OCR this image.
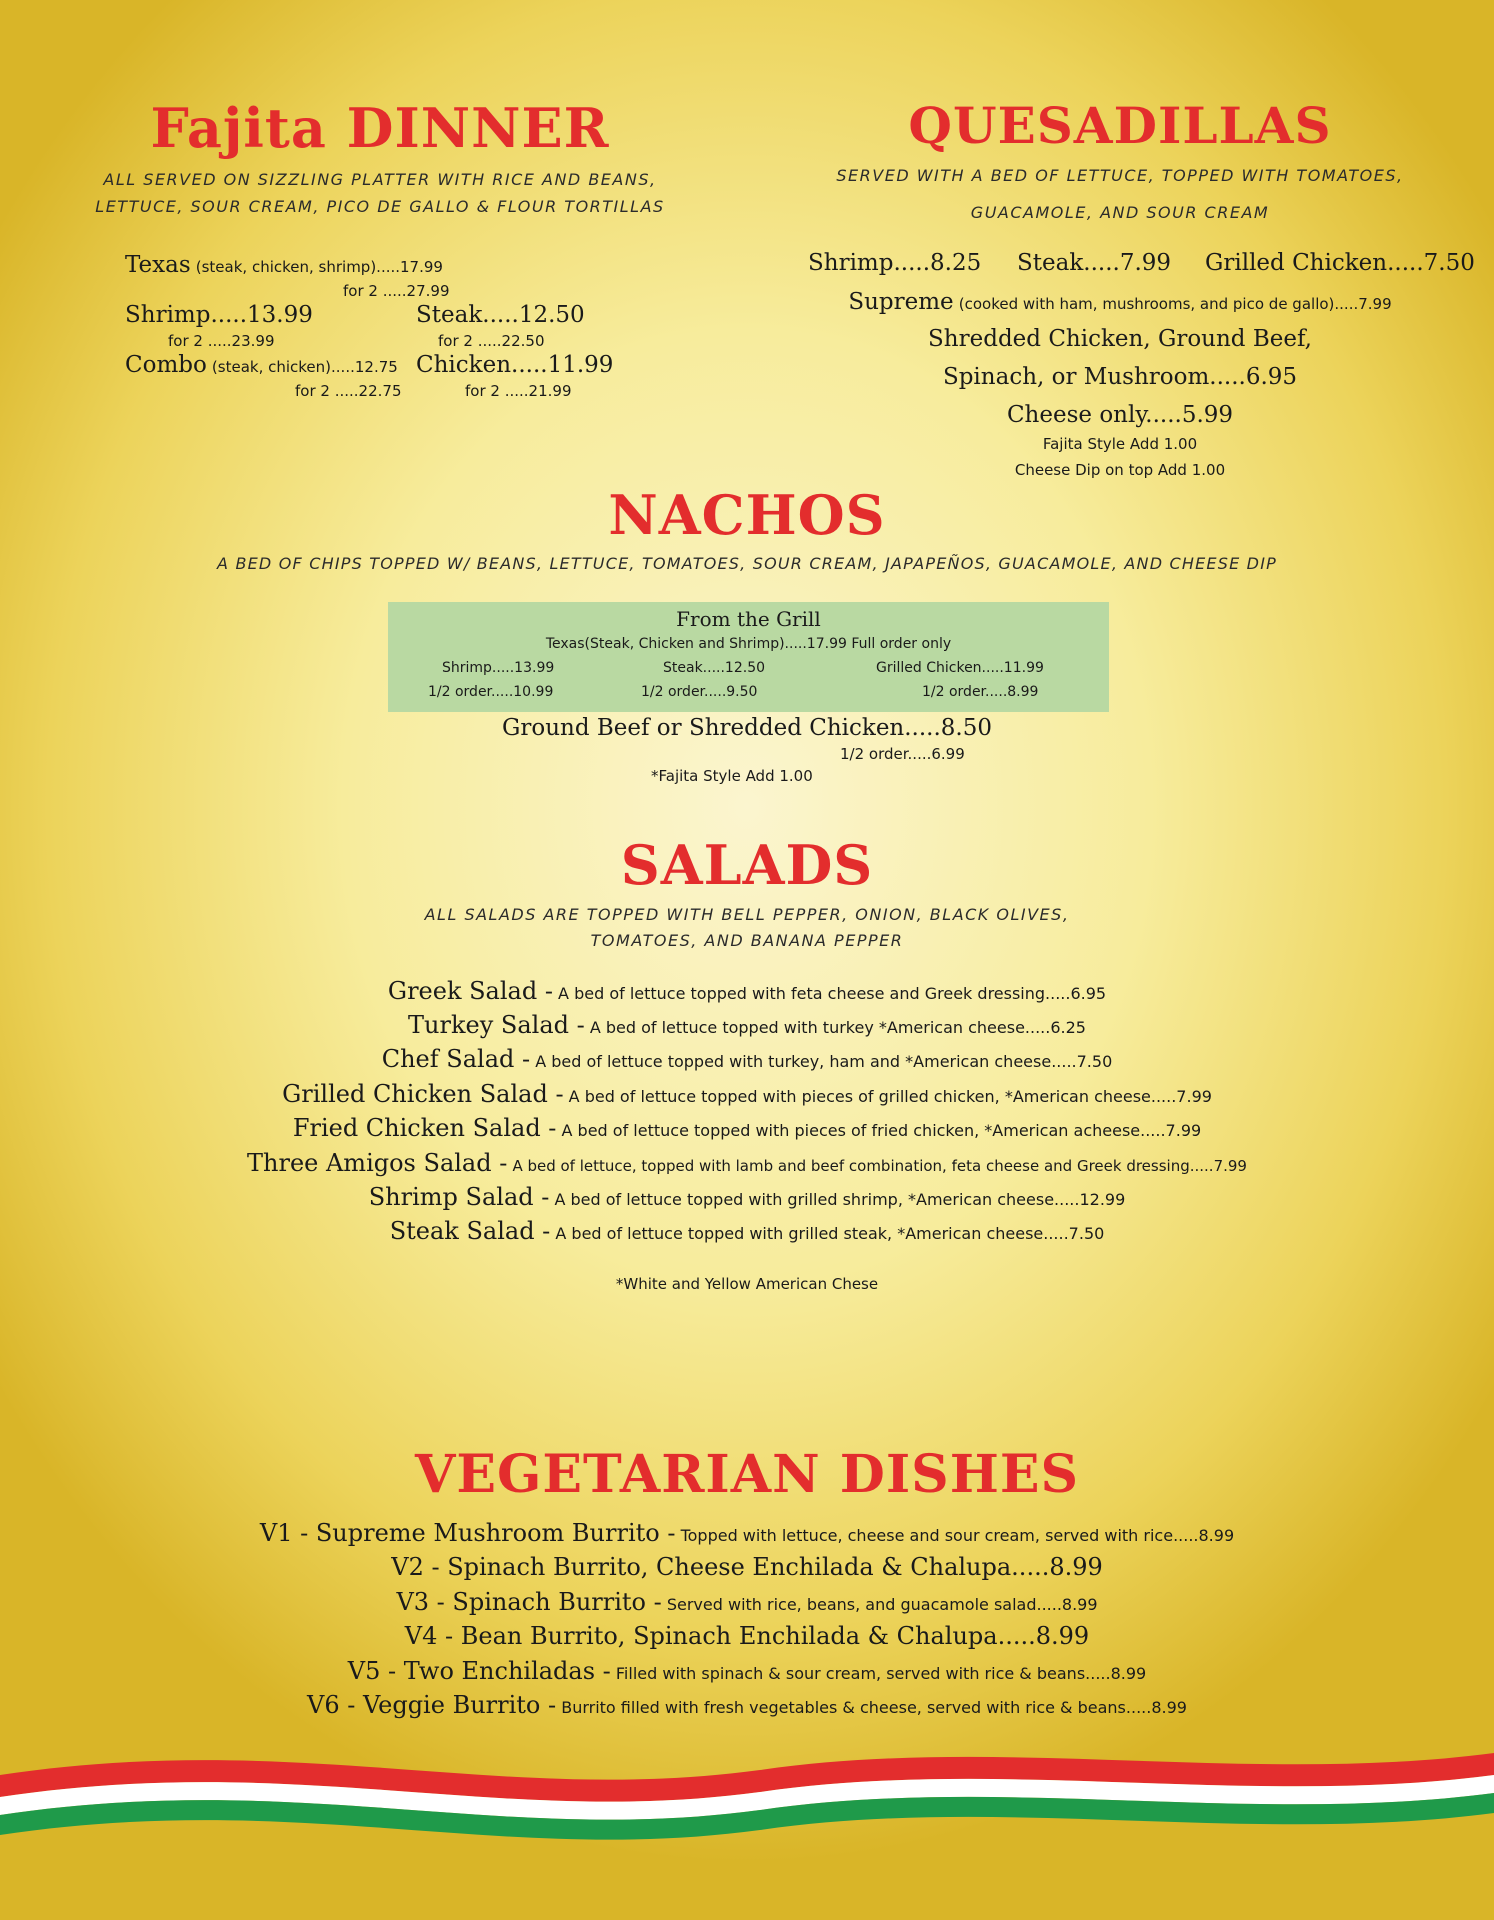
Fajita DINNER
ALL SERVED ON SIZZLING PLATTER WITH RICE AND BEANS,
LETTUCE, SOUR CREAM, PICO DE GALLO & FLOUR TORTILLAS
Texas (steak, chicken, shrimp).....17.99
for 2 .....27.99
Shrimp.....13.99
for 2 .....23.99
Combo (steak, chicken).....12.75
for 2 .....22.75
Steak.....12.50
for 2 .....22.50
Chicken.....11.99
for 2 .....21.99
QUESADILLAS
SERVED WITH A BED OF LETTUCE, TOPPED WITH TOMATOES,
GUACAMOLE, AND SOUR CREAM
Shrimp.....8.25 Steak.....7.99 Grilled Chicken.....7.50
Supreme (cooked with ham, mushrooms, and pico de gallo).....7.99
Shredded Chicken, Ground Beef,
Spinach, or Mushroom.....6.95
Cheese only.....5.99
Fajita Style Add 1.00
Cheese Dip on top Add 1.00
NACHOS
A BED OF CHIPS TOPPED W/ BEANS, LETTUCE, TOMATOES, SOUR CREAM, JAPAPEÑOS, GUACAMOLE, AND CHEESE DIP
From the Grill
Texas(Steak, Chicken and Shrimp).....17.99 Full order only
Shrimp.....13.99
1/2 order.....10.99
Steak.....12.50
1/2 order.....9.50
Grilled Chicken.....11.99
1/2 order.....8.99
Ground Beef or Shredded Chicken.....8.50
1/2 order.....6.99
*Fajita Style Add 1.00
SALADS
ALL SALADS ARE TOPPED WITH BELL PEPPER, ONION, BLACK OLIVES,
TOMATOES, AND BANANA PEPPER
Greek Salad - A bed of lettuce topped with feta cheese and Greek dressing.....6.95
Turkey Salad - A bed of lettuce topped with turkey *American cheese.....6.25
Chef Salad - A bed of lettuce topped with turkey, ham and *American cheese.....7.50
Grilled Chicken Salad - A bed of lettuce topped with pieces of grilled chicken, *American cheese.....7.99
Fried Chicken Salad - A bed of lettuce topped with pieces of fried chicken, *American acheese.....7.99
Three Amigos Salad - A bed of lettuce, topped with lamb and beef combination, feta cheese and Greek dressing.....7.99
Shrimp Salad - A bed of lettuce topped with grilled shrimp, *American cheese.....12.99
Steak Salad - A bed of lettuce topped with grilled steak, *American cheese.....7.50
*White and Yellow American Chese
VEGETARIAN DISHES
V1 - Supreme Mushroom Burrito - Topped with lettuce, cheese and sour cream, served with rice.....8.99
V2 - Spinach Burrito, Cheese Enchilada & Chalupa.....8.99
V3 - Spinach Burrito - Served with rice, beans, and guacamole salad.....8.99
V4 - Bean Burrito, Spinach Enchilada & Chalupa.....8.99
V5 - Two Enchiladas - Filled with spinach & sour cream, served with rice & beans.....8.99
V6 - Veggie Burrito - Burrito filled with fresh vegetables & cheese, served with rice & beans.....8.99
